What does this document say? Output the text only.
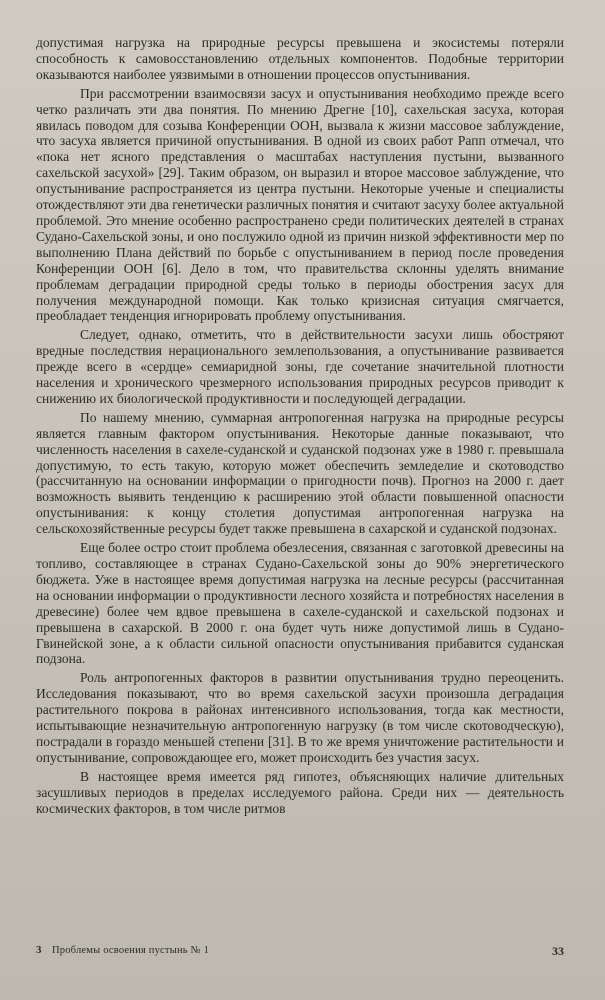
допустимая нагрузка на природные ресурсы превышена и экосистемы потеряли способность к самовосстановлению отдельных компонентов. Подобные территории оказываются наиболее уязвимыми в отношении процессов опустынивания.

При рассмотрении взаимосвязи засух и опустынивания необходимо прежде всего четко различать эти два понятия. По мнению Дрегне [10], сахельская засуха, которая явилась поводом для созыва Конференции ООН, вызвала к жизни массовое заблуждение, что засуха является причиной опустынивания. В одной из своих работ Рапп отмечал, что «пока нет ясного представления о масштабах наступления пустыни, вызванного сахельской засухой» [29]. Таким образом, он выразил и второе массовое заблуждение, что опустынивание распространяется из центра пустыни. Некоторые ученые и специалисты отождествляют эти два генетически различных понятия и считают засуху более актуальной проблемой. Это мнение особенно распространено среди политических деятелей в странах Судано-Сахельской зоны, и оно послужило одной из причин низкой эффективности мер по выполнению Плана действий по борьбе с опустыниванием в период после проведения Конференции ООН [6]. Дело в том, что правительства склонны уделять внимание проблемам деградации природной среды только в периоды обострения засух для получения международной помощи. Как только кризисная ситуация смягчается, преобладает тенденция игнорировать проблему опустынивания.

Следует, однако, отметить, что в действительности засухи лишь обостряют вредные последствия нерационального землепользования, а опустынивание развивается прежде всего в «сердце» семиаридной зоны, где сочетание значительной плотности населения и хронического чрезмерного использования природных ресурсов приводит к снижению их биологической продуктивности и последующей деградации.

По нашему мнению, суммарная антропогенная нагрузка на природные ресурсы является главным фактором опустынивания. Некоторые данные показывают, что численность населения в сахеле-суданской и суданской подзонах уже в 1980 г. превышала допустимую, то есть такую, которую может обеспечить земледелие и скотоводство (рассчитанную на основании информации о пригодности почв). Прогноз на 2000 г. дает возможность выявить тенденцию к расширению этой области повышенной опасности опустынивания: к концу столетия допустимая антропогенная нагрузка на сельскохозяйственные ресурсы будет также превышена в сахарской и суданской подзонах.

Еще более остро стоит проблема обезлесения, связанная с заготовкой древесины на топливо, составляющее в странах Судано-Сахельской зоны до 90% энергетического бюджета. Уже в настоящее время допустимая нагрузка на лесные ресурсы (рассчитанная на основании информации о продуктивности лесного хозяйста и потребностях населения в древесине) более чем вдвое превышена в сахеле-суданской и сахельской подзонах и превышена в сахарской. В 2000 г. она будет чуть ниже допустимой лишь в Судано-Гвинейской зоне, а к области сильной опасности опустынивания прибавится суданская подзона.

Роль антропогенных факторов в развитии опустынивания трудно переоценить. Исследования показывают, что во время сахельской засухи произошла деградация растительного покрова в районах интенсивного использования, тогда как местности, испытывающие незначительную антропогенную нагрузку (в том числе скотоводческую), пострадали в гораздо меньшей степени [31]. В то же время уничтожение растительности и опустынивание, сопровождающее его, может происходить без участия засух.

В настоящее время имеется ряд гипотез, объясняющих наличие длительных засушливых периодов в пределах исследуемого района. Среди них — деятельность космических факторов, в том числе ритмов

3 Проблемы освоения пустынь № 1	33
